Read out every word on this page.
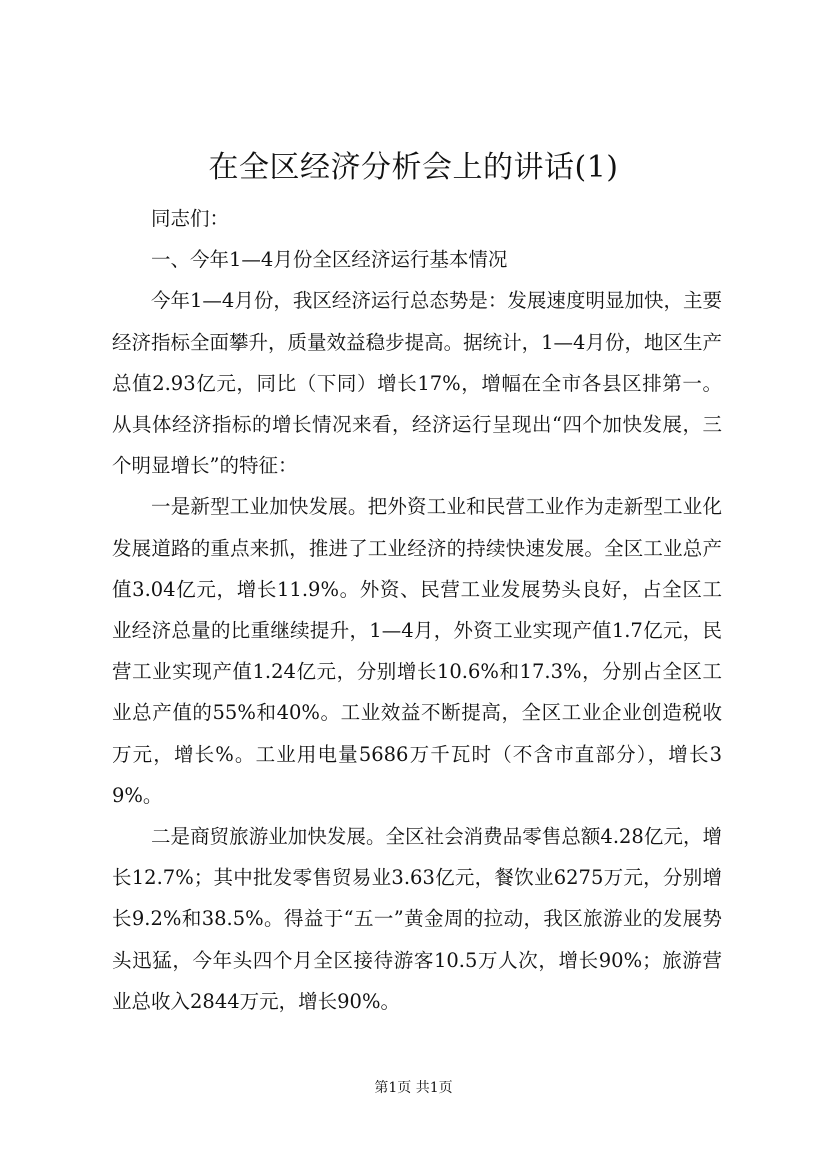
在全区经济分析会上的讲话(1)

同志们：

一、今年1—4月份全区经济运行基本情况

今年1—4月份，我区经济运行总态势是：发展速度明显加快，主要经济指标全面攀升，质量效益稳步提高。据统计，1—4月份，地区生产总值2.93亿元，同比（下同）增长17%，增幅在全市各县区排第一。从具体经济指标的增长情况来看，经济运行呈现出“四个加快发展，三个明显增长”的特征：

一是新型工业加快发展。把外资工业和民营工业作为走新型工业化发展道路的重点来抓，推进了工业经济的持续快速发展。全区工业总产值3.04亿元，增长11.9%。外资、民营工业发展势头良好，占全区工业经济总量的比重继续提升，1—4月，外资工业实现产值1.7亿元，民营工业实现产值1.24亿元，分别增长10.6%和17.3%，分别占全区工业总产值的55%和40%。工业效益不断提高，全区工业企业创造税收万元，增长%。工业用电量5686万千瓦时（不含市直部分），增长39%。

二是商贸旅游业加快发展。全区社会消费品零售总额4.28亿元，增长12.7%；其中批发零售贸易业3.63亿元，餐饮业6275万元，分别增长9.2%和38.5%。得益于“五一”黄金周的拉动，我区旅游业的发展势头迅猛，今年头四个月全区接待游客10.5万人次，增长90%；旅游营业总收入2844万元，增长90%。

第1页 共1页
